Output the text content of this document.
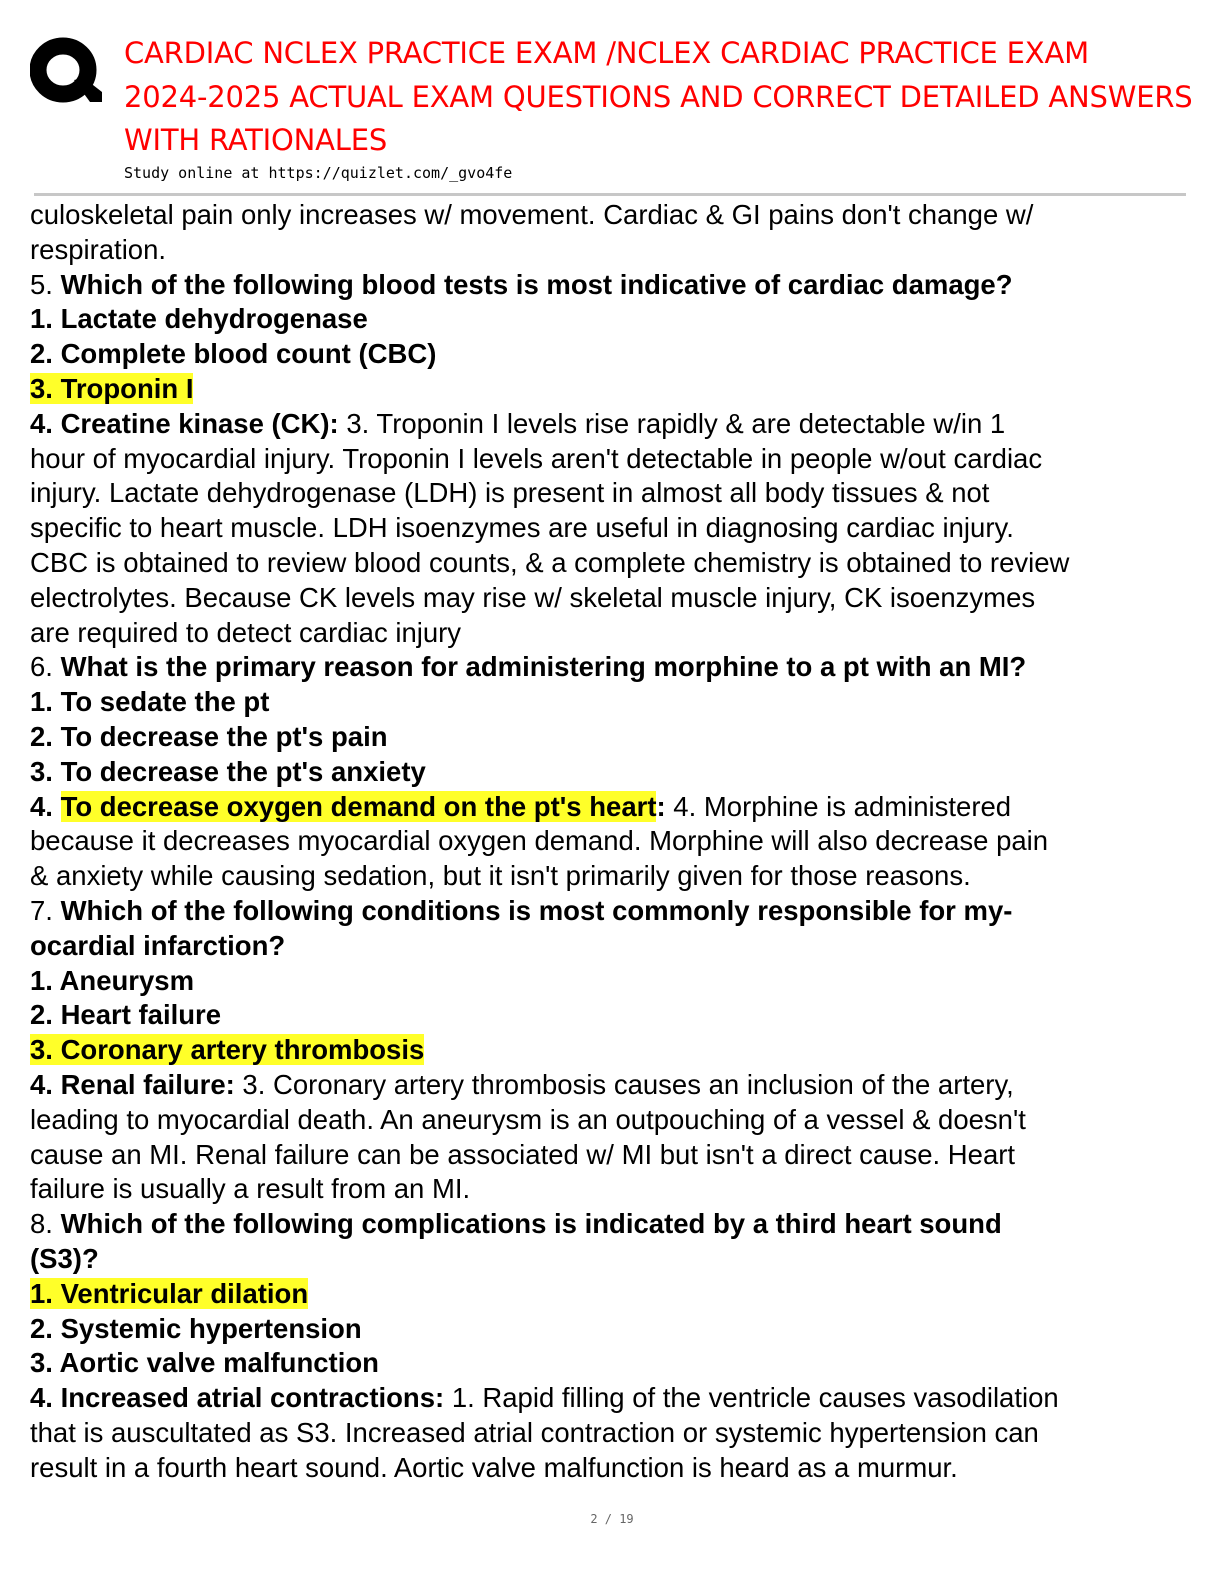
CARDIAC NCLEX PRACTICE EXAM /NCLEX CARDIAC PRACTICE EXAM
2024-2025 ACTUAL EXAM QUESTIONS AND CORRECT DETAILED ANSWERS
WITH RATIONALES
Study online at https://quizlet.com/_gvo4fe
culoskeletal pain only increases w/ movement. Cardiac & GI pains don't change w/
respiration.
5. Which of the following blood tests is most indicative of cardiac damage?
1. Lactate dehydrogenase
2. Complete blood count (CBC)
3. Troponin I
4. Creatine kinase (CK): 3. Troponin I levels rise rapidly & are detectable w/in 1
hour of myocardial injury. Troponin I levels aren't detectable in people w/out cardiac
injury. Lactate dehydrogenase (LDH) is present in almost all body tissues & not
specific to heart muscle. LDH isoenzymes are useful in diagnosing cardiac injury.
CBC is obtained to review blood counts, & a complete chemistry is obtained to review
electrolytes. Because CK levels may rise w/ skeletal muscle injury, CK isoenzymes
are required to detect cardiac injury
6. What is the primary reason for administering morphine to a pt with an MI?
1. To sedate the pt
2. To decrease the pt's pain
3. To decrease the pt's anxiety
4. To decrease oxygen demand on the pt's heart: 4. Morphine is administered
because it decreases myocardial oxygen demand. Morphine will also decrease pain
& anxiety while causing sedation, but it isn't primarily given for those reasons.
7. Which of the following conditions is most commonly responsible for my-
ocardial infarction?
1. Aneurysm
2. Heart failure
3. Coronary artery thrombosis
4. Renal failure: 3. Coronary artery thrombosis causes an inclusion of the artery,
leading to myocardial death. An aneurysm is an outpouching of a vessel & doesn't
cause an MI. Renal failure can be associated w/ MI but isn't a direct cause. Heart
failure is usually a result from an MI.
8. Which of the following complications is indicated by a third heart sound
(S3)?
1. Ventricular dilation
2. Systemic hypertension
3. Aortic valve malfunction
4. Increased atrial contractions: 1. Rapid filling of the ventricle causes vasodilation
that is auscultated as S3. Increased atrial contraction or systemic hypertension can
result in a fourth heart sound. Aortic valve malfunction is heard as a murmur.
2 / 19
